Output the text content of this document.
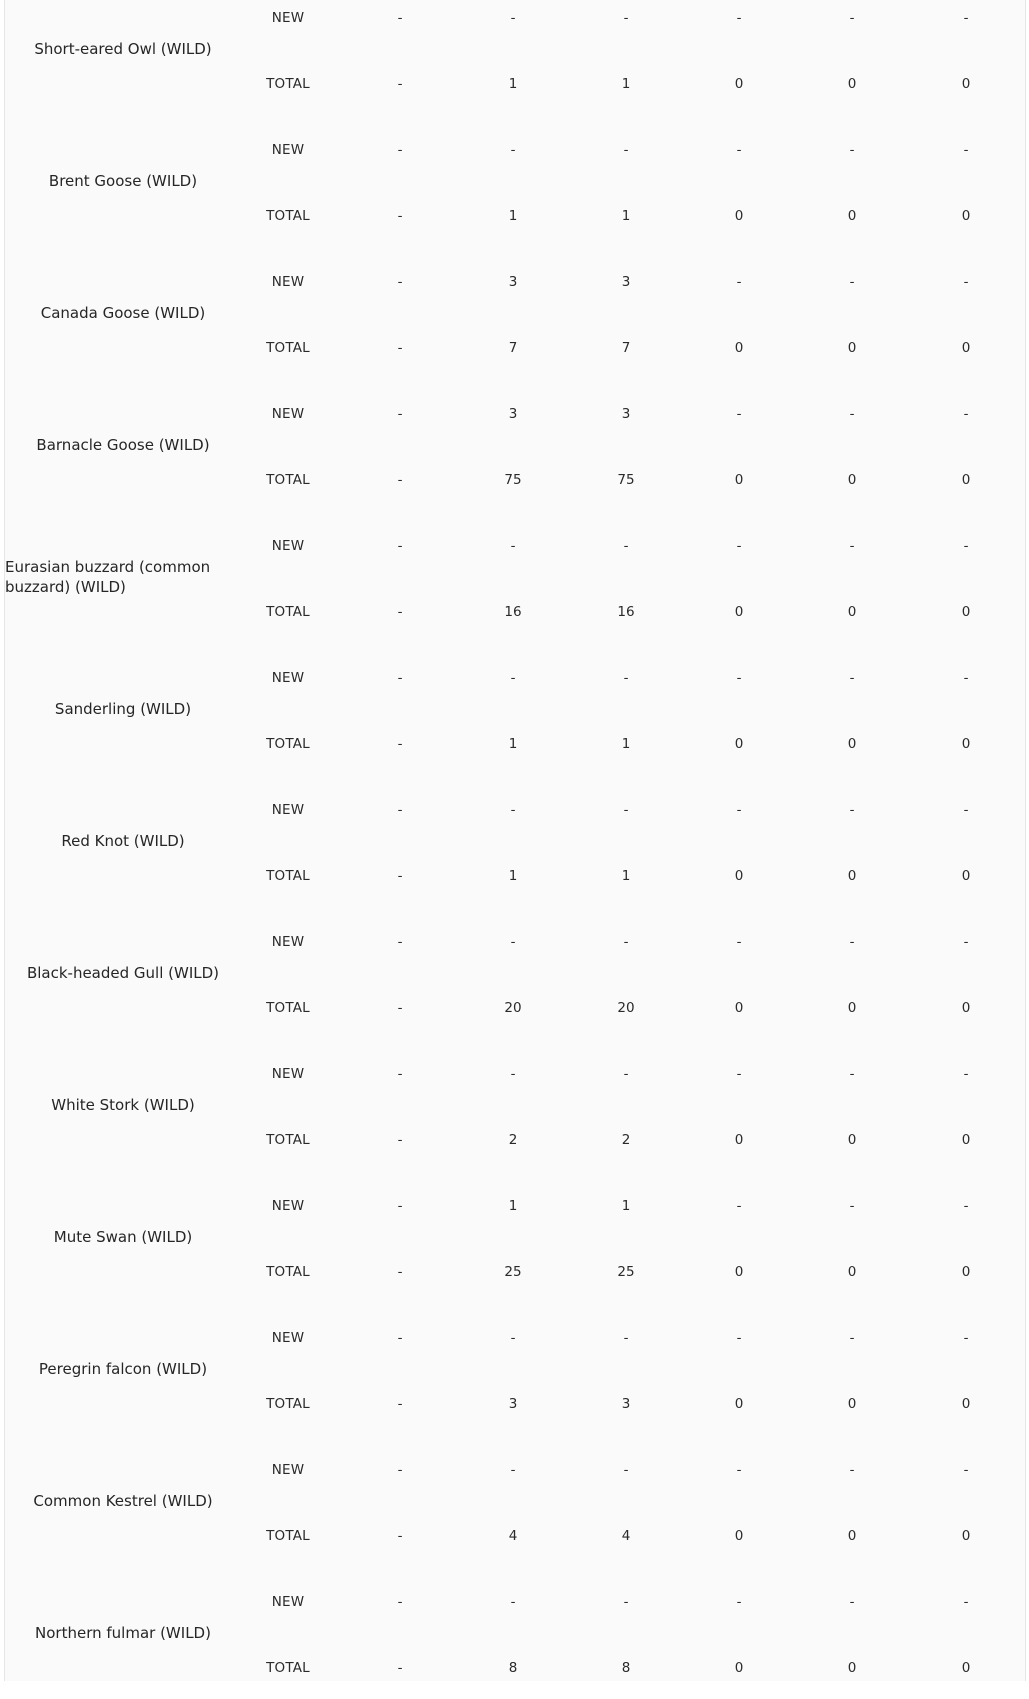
Short-eared Owl (WILD)
NEW	-	-	-	-	-	-
TOTAL	-	1	1	0	0	0
Brent Goose (WILD)
NEW	-	-	-	-	-	-
TOTAL	-	1	1	0	0	0
Canada Goose (WILD)
NEW	-	3	3	-	-	-
TOTAL	-	7	7	0	0	0
Barnacle Goose (WILD)
NEW	-	3	3	-	-	-
TOTAL	-	75	75	0	0	0
Eurasian buzzard (common buzzard) (WILD)
NEW	-	-	-	-	-	-
TOTAL	-	16	16	0	0	0
Sanderling (WILD)
NEW	-	-	-	-	-	-
TOTAL	-	1	1	0	0	0
Red Knot (WILD)
NEW	-	-	-	-	-	-
TOTAL	-	1	1	0	0	0
Black-headed Gull (WILD)
NEW	-	-	-	-	-	-
TOTAL	-	20	20	0	0	0
White Stork (WILD)
NEW	-	-	-	-	-	-
TOTAL	-	2	2	0	0	0
Mute Swan (WILD)
NEW	-	1	1	-	-	-
TOTAL	-	25	25	0	0	0
Peregrin falcon (WILD)
NEW	-	-	-	-	-	-
TOTAL	-	3	3	0	0	0
Common Kestrel (WILD)
NEW	-	-	-	-	-	-
TOTAL	-	4	4	0	0	0
Northern fulmar (WILD)
NEW	-	-	-	-	-	-
TOTAL	-	8	8	0	0	0
